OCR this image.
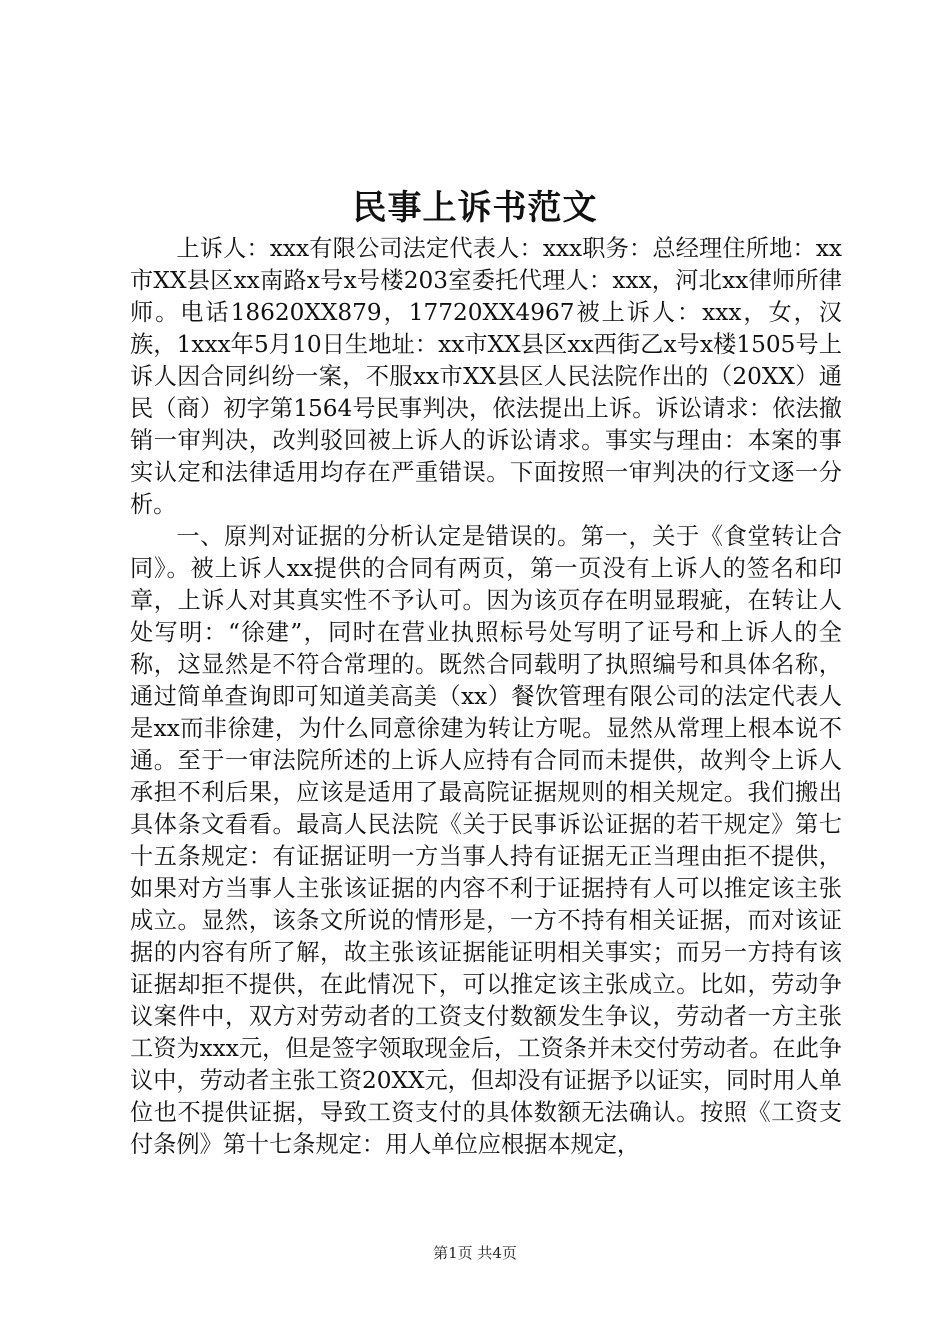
民事上诉书范文

上诉人：xxx有限公司法定代表人：xxx职务：总经理住所地：xx市XX县区xx南路x号x号楼203室委托代理人：xxx，河北xx律师所律师。电话18620XX879，17720XX4967被上诉人：xxx，女，汉族，1xxx年5月10日生地址：xx市XX县区xx西街乙x号x楼1505号上诉人因合同纠纷一案，不服xx市XX县区人民法院作出的（20XX）通民（商）初字第1564号民事判决，依法提出上诉。诉讼请求：依法撤销一审判决，改判驳回被上诉人的诉讼请求。事实与理由：本案的事实认定和法律适用均存在严重错误。下面按照一审判决的行文逐一分析。

一、原判对证据的分析认定是错误的。第一，关于《食堂转让合同》。被上诉人xx提供的合同有两页，第一页没有上诉人的签名和印章，上诉人对其真实性不予认可。因为该页存在明显瑕疵，在转让人处写明：“徐建”，同时在营业执照标号处写明了证号和上诉人的全称，这显然是不符合常理的。既然合同载明了执照编号和具体名称，通过简单查询即可知道美高美（xx）餐饮管理有限公司的法定代表人是xx而非徐建，为什么同意徐建为转让方呢。显然从常理上根本说不通。至于一审法院所述的上诉人应持有合同而未提供，故判令上诉人承担不利后果，应该是适用了最高院证据规则的相关规定。我们搬出具体条文看看。最高人民法院《关于民事诉讼证据的若干规定》第七十五条规定：有证据证明一方当事人持有证据无正当理由拒不提供，如果对方当事人主张该证据的内容不利于证据持有人可以推定该主张成立。显然，该条文所说的情形是，一方不持有相关证据，而对该证据的内容有所了解，故主张该证据能证明相关事实；而另一方持有该证据却拒不提供，在此情况下，可以推定该主张成立。比如，劳动争议案件中，双方对劳动者的工资支付数额发生争议，劳动者一方主张工资为xxx元，但是签字领取现金后，工资条并未交付劳动者。在此争议中，劳动者主张工资20XX元，但却没有证据予以证实，同时用人单位也不提供证据，导致工资支付的具体数额无法确认。按照《工资支付条例》第十七条规定：用人单位应根据本规定，

第1页 共4页
